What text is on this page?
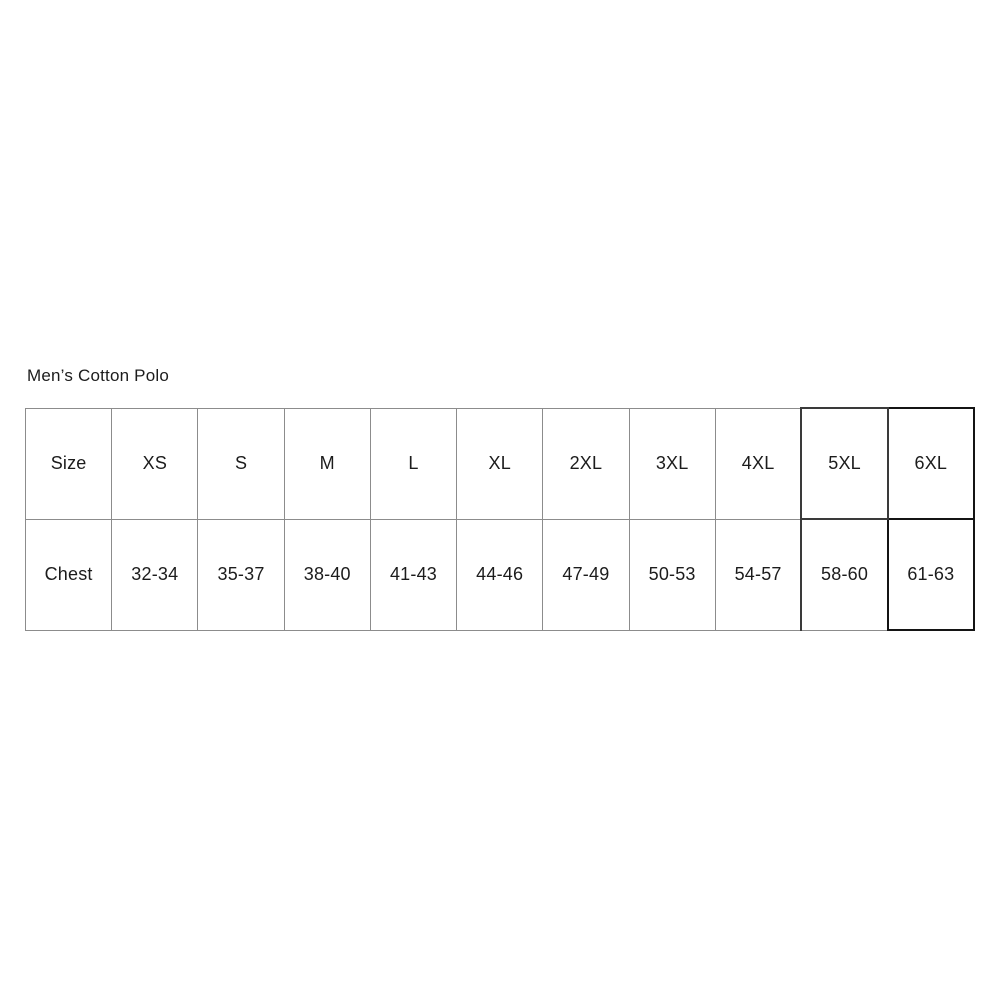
Men’s Cotton Polo
Size	XS	S	M	L	XL	2XL	3XL	4XL	5XL	6XL
Chest	32-34	35-37	38-40	41-43	44-46	47-49	50-53	54-57	58-60	61-63
